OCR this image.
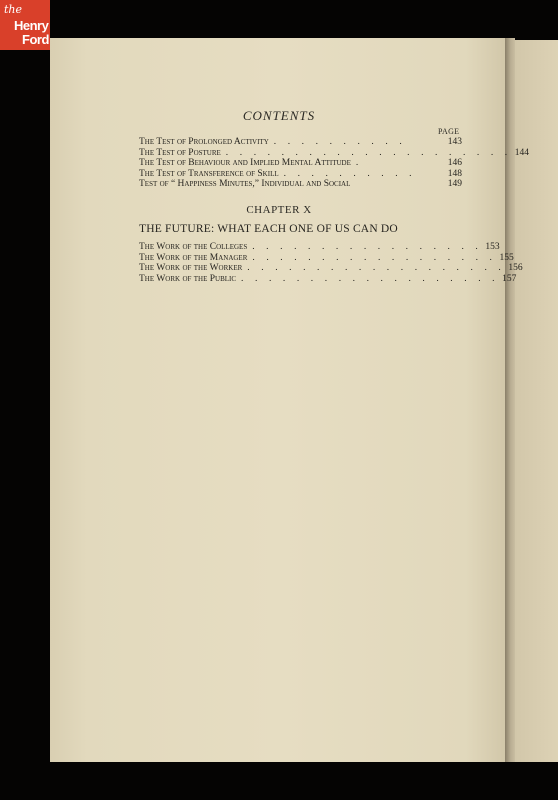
the
Henry
Ford
CONTENTS
PAGE
The Test of Prolonged Activity . . . . . . . . . .	143
The Test of Posture . . . . . . . . . . . . . . . . . . . . . 144
The Test of Behaviour and Implied Mental Attitude .	146
The Test of Transference of Skill . . . . . . . . . .	148
Test of “ Happiness Minutes,” Individual and Social	149
CHAPTER X
THE FUTURE: WHAT EACH ONE OF US CAN DO
The Work of the Colleges . . . . . . . . . . . . . . . . . 153
The Work of the Manager . . . . . . . . . . . . . . . . . . 155
The Work of the Worker . . . . . . . . . . . . . . . . . . . 156
The Work of the Public . . . . . . . . . . . . . . . . . . . 157
